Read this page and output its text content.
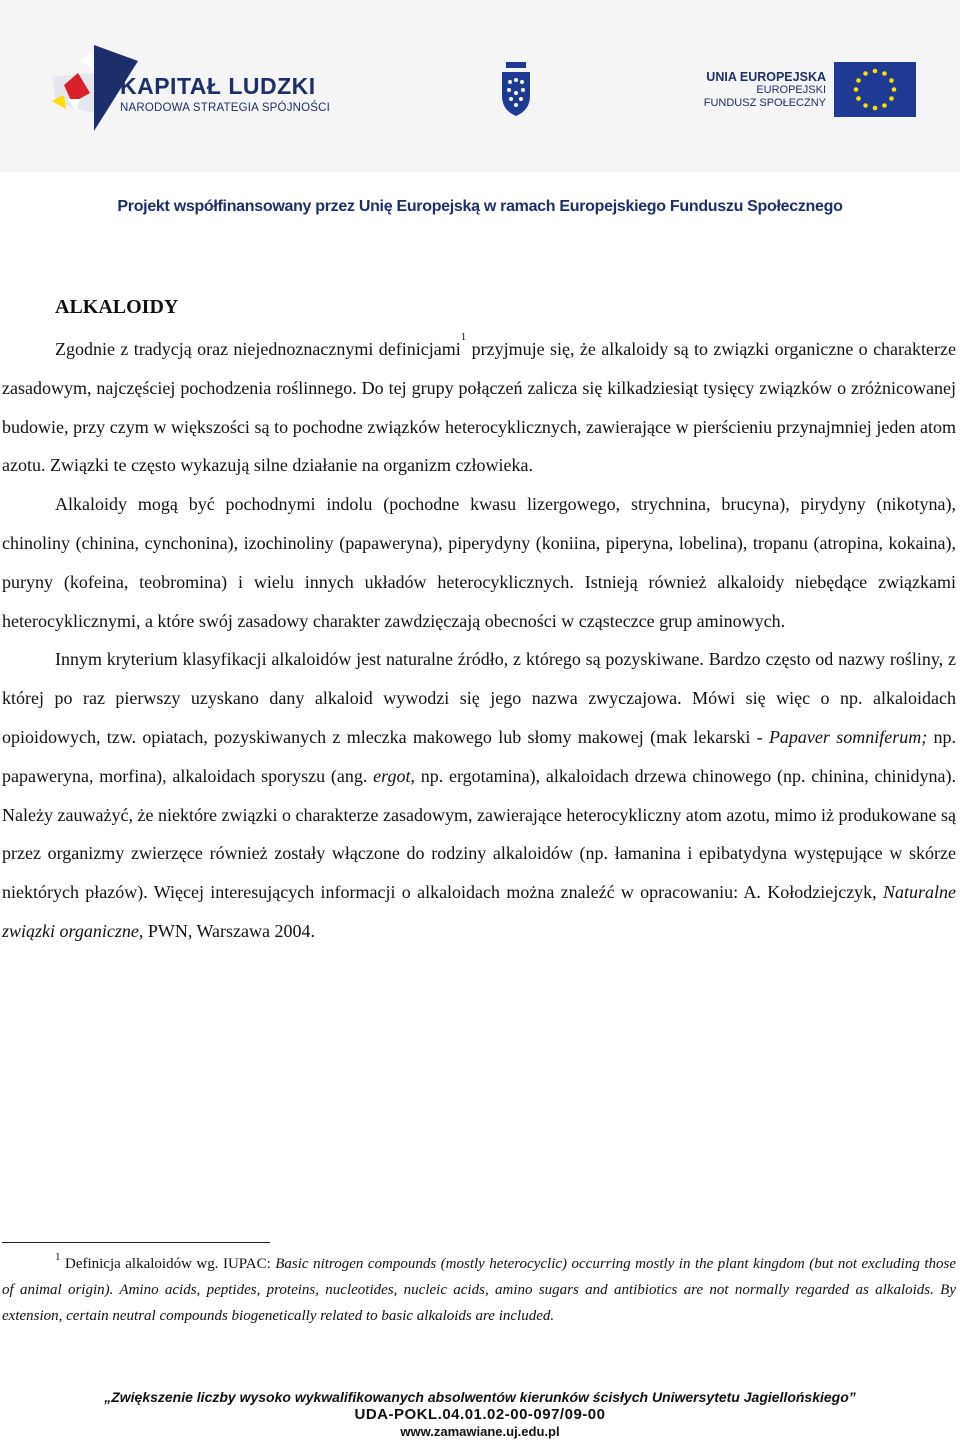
KAPITAŁ LUDZKI
NARODOWA STRATEGIA SPÓJNOŚCI
UNIA EUROPEJSKA
EUROPEJSKI
FUNDUSZ SPOŁECZNY
Projekt współfinansowany przez Unię Europejską w ramach Europejskiego Funduszu Społecznego
ALKALOIDY

Zgodnie z tradycją oraz niejednoznacznymi definicjami$^1$ przyjmuje się, że alkaloidy są to związki organiczne o charakterze zasadowym, najczęściej pochodzenia roślinnego. Do tej grupy połączeń zalicza się kilkadziesiąt tysięcy związków o zróżnicowanej budowie, przy czym w większości są to pochodne związków heterocyklicznych, zawierające w pierścieniu przynajmniej jeden atom azotu. Związki te często wykazują silne działanie na organizm człowieka.

Alkaloidy mogą być pochodnymi indolu (pochodne kwasu lizergowego, strychnina, brucyna), pirydyny (nikotyna), chinoliny (chinina, cynchonina), izochinoliny (papaweryna), piperydyny (koniina, piperyna, lobelina), tropanu (atropina, kokaina), puryny (kofeina, teobromina) i wielu innych układów heterocyklicznych. Istnieją również alkaloidy niebędące związkami heterocyklicznymi, a które swój zasadowy charakter zawdzięczają obecności w cząsteczce grup aminowych.

Innym kryterium klasyfikacji alkaloidów jest naturalne źródło, z którego są pozyskiwane. Bardzo często od nazwy rośliny, z której po raz pierwszy uzyskano dany alkaloid wywodzi się jego nazwa zwyczajowa. Mówi się więc o np. alkaloidach opioidowych, tzw. opiatach, pozyskiwanych z mleczka makowego lub słomy makowej (mak lekarski - Papaver somniferum; np. papaweryna, morfina), alkaloidach sporyszu (ang. ergot, np. ergotamina), alkaloidach drzewa chinowego (np. chinina, chinidyna). Należy zauważyć, że niektóre związki o charakterze zasadowym, zawierające heterocykliczny atom azotu, mimo iż produkowane są przez organizmy zwierzęce również zostały włączone do rodziny alkaloidów (np. łamanina i epibatydyna występujące w skórze niektórych płazów). Więcej interesujących informacji o alkaloidach można znaleźć w opracowaniu: A. Kołodziejczyk, Naturalne związki organiczne, PWN, Warszawa 2004.

$^1$ Definicja alkaloidów wg. IUPAC: Basic nitrogen compounds (mostly heterocyclic) occurring mostly in the plant kingdom (but not excluding those of animal origin). Amino acids, peptides, proteins, nucleotides, nucleic acids, amino sugars and antibiotics are not normally regarded as alkaloids. By extension, certain neutral compounds biogenetically related to basic alkaloids are included.

„Zwiększenie liczby wysoko wykwalifikowanych absolwentów kierunków ścisłych Uniwersytetu Jagiellońskiego”
UDA-POKL.04.01.02-00-097/09-00
www.zamawiane.uj.edu.pl
